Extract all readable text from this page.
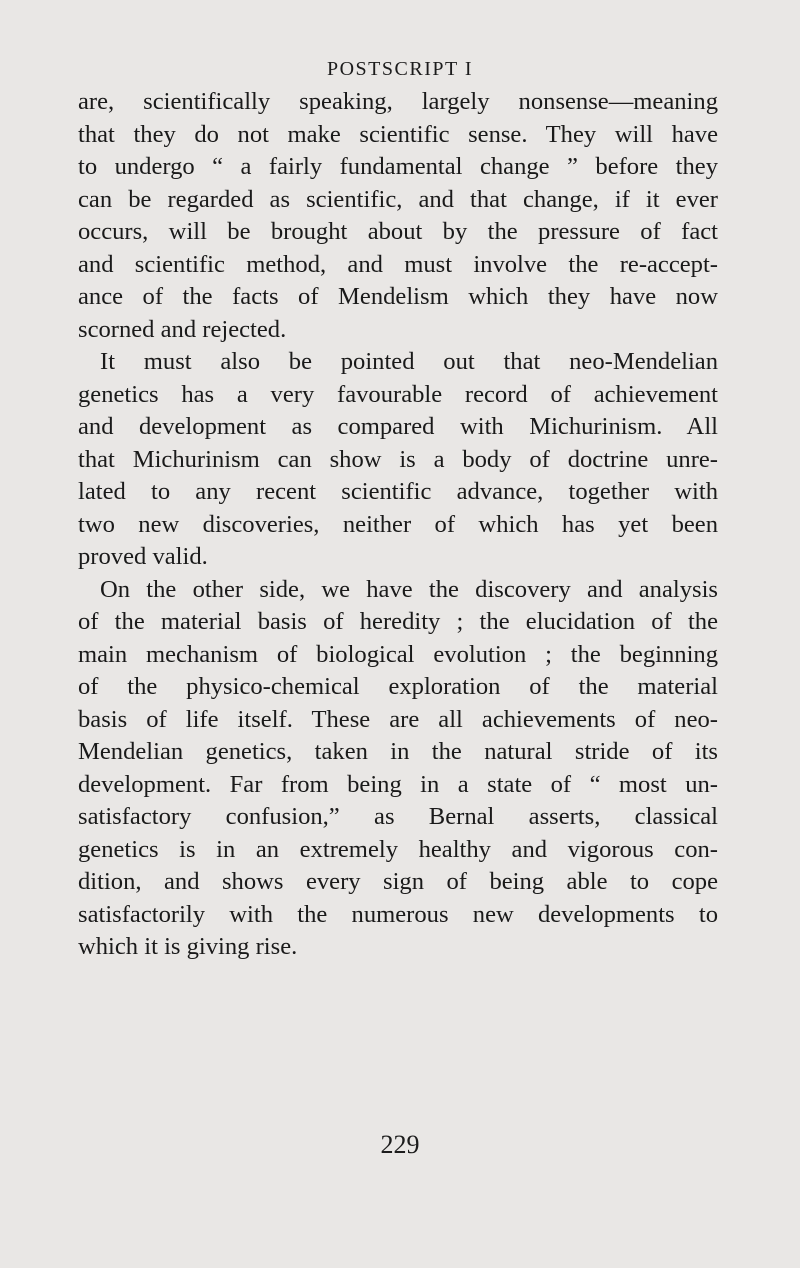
POSTSCRIPT I
are, scientifically speaking, largely nonsense—meaning
that they do not make scientific sense. They will have
to undergo “ a fairly fundamental change ” before they
can be regarded as scientific, and that change, if it ever
occurs, will be brought about by the pressure of fact
and scientific method, and must involve the re-accept-
ance of the facts of Mendelism which they have now
scorned and rejected.
It must also be pointed out that neo-Mendelian
genetics has a very favourable record of achievement
and development as compared with Michurinism. All
that Michurinism can show is a body of doctrine unre-
lated to any recent scientific advance, together with
two new discoveries, neither of which has yet been
proved valid.
On the other side, we have the discovery and analysis
of the material basis of heredity ; the elucidation of the
main mechanism of biological evolution ; the beginning
of the physico-chemical exploration of the material
basis of life itself. These are all achievements of neo-
Mendelian genetics, taken in the natural stride of its
development. Far from being in a state of “ most un-
satisfactory confusion,” as Bernal asserts, classical
genetics is in an extremely healthy and vigorous con-
dition, and shows every sign of being able to cope
satisfactorily with the numerous new developments to
which it is giving rise.
229
